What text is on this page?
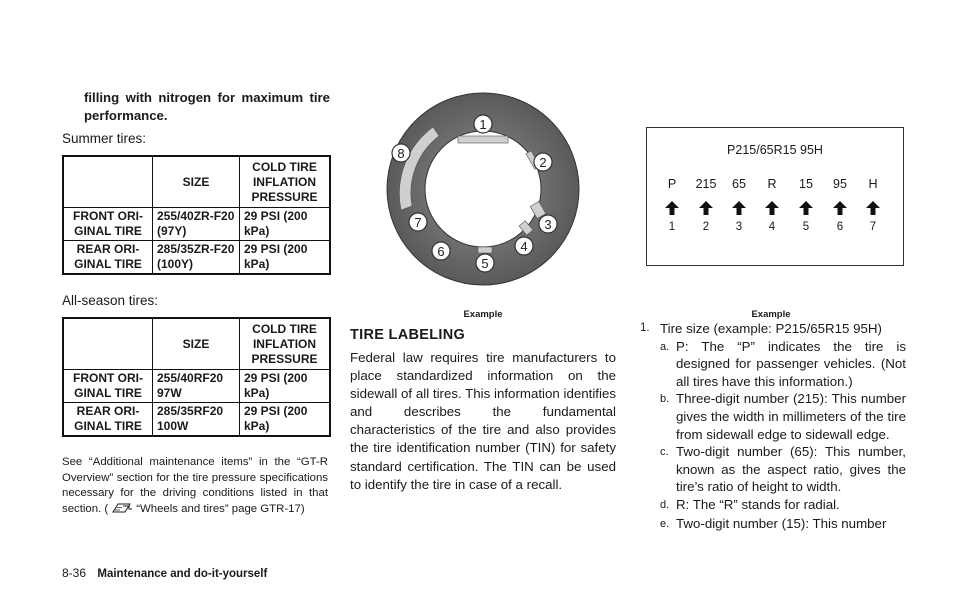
filling with nitrogen for maximum tire performance.
Summer tires:
	SIZE	COLD TIRE INFLATION PRESSURE
FRONT ORI-GINAL TIRE	255/40ZR-F20 (97Y)	29 PSI (200 kPa)
REAR ORI-GINAL TIRE	285/35ZR-F20 (100Y)	29 PSI (200 kPa)
All-season tires:
	SIZE	COLD TIRE INFLATION PRESSURE
FRONT ORI-GINAL TIRE	255/40RF20 97W	29 PSI (200 kPa)
REAR ORI-GINAL TIRE	285/35RF20 100W	29 PSI (200 kPa)
See “Additional maintenance items” in the “GT-R Overview” section for the tire pressure specifications necessary for the driving conditions listed in that section. ( “Wheels and tires” page GTR-17)
8-36 Maintenance and do-it-yourself
1
2
3
4
5
6
7
8
Example
TIRE LABELING
Federal law requires tire manufacturers to place standardized information on the sidewall of all tires. This information identifies and describes the fundamental characteristics of the tire and also provides the tire identification number (TIN) for safety standard certification. The TIN can be used to identify the tire in case of a recall.
P215/65R15 95H
P
1
215
2
65
3
R
4
15
5
95
6
H
7
Example
1. Tire size (example: P215/65R15 95H)
a. P: The “P” indicates the tire is designed for passenger vehicles. (Not all tires have this information.)
b. Three-digit number (215): This number gives the width in millimeters of the tire from sidewall edge to sidewall edge.
c. Two-digit number (65): This number, known as the aspect ratio, gives the tire’s ratio of height to width.
d. R: The “R” stands for radial.
e. Two-digit number (15): This number
